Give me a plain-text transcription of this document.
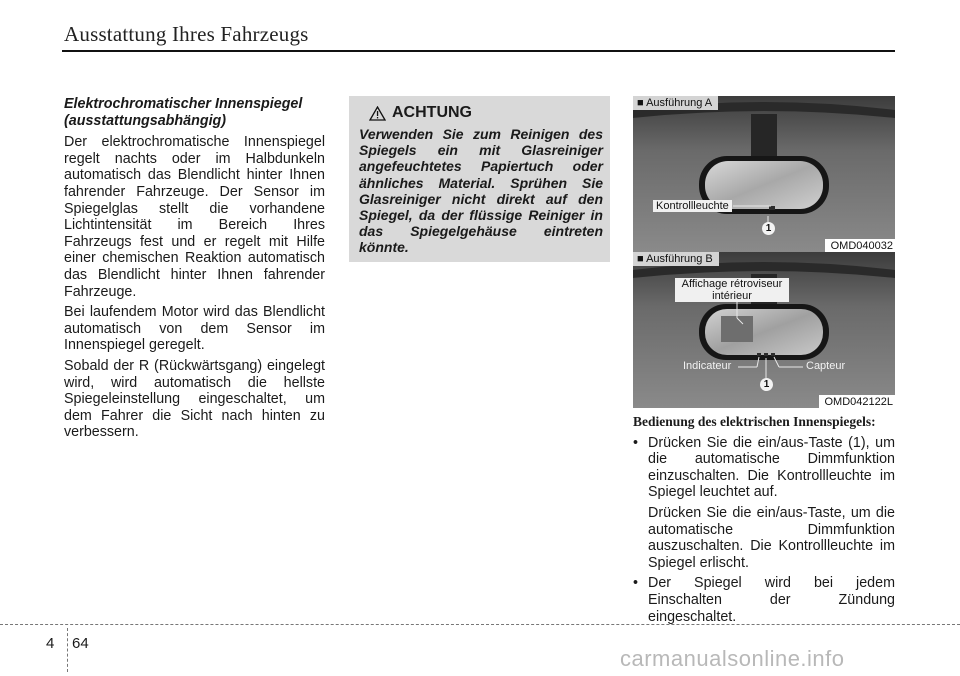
Ausstattung Ihres Fahrzeugs
Elektrochromatischer Innenspiegel (ausstattungsabhängig)

Der elektrochromatische Innenspiegel regelt nachts oder im Halbdunkeln automatisch das Blendlicht hinter Ihnen fahrender Fahrzeuge. Der Sensor im Spiegelglas stellt die vorhandene Lichtintensität im Bereich Ihres Fahrzeugs fest und er regelt mit Hilfe einer chemischen Reaktion automatisch das Blendlicht hinter Ihnen fahrender Fahrzeuge.

Bei laufendem Motor wird das Blendlicht automatisch von dem Sensor im Innenspiegel geregelt.

Sobald der R (Rückwärtsgang) eingelegt wird, wird automatisch die hellste Spiegeleinstellung eingeschaltet, um dem Fahrer die Sicht nach hinten zu verbessern.

ACHTUNG
Verwenden Sie zum Reinigen des Spiegels ein mit Glasreiniger angefeuchtetes Papiertuch oder ähnliches Material. Sprühen Sie Glasreiniger nicht direkt auf den Spiegel, da der flüssige Reiniger in das Spiegelgehäuse eintreten könnte.
■ Ausführung A
Kontrollleuchte
1
OMD040032
■ Ausführung B
Affichage rétroviseur intérieur
Indicateur	Capteur
1
OMD042122L
Bedienung des elektrischen Innenspiegels:
• Drücken Sie die ein/aus-Taste (1), um die automatische Dimmfunktion einzuschalten. Die Kontrollleuchte im Spiegel leuchtet auf.

Drücken Sie die ein/aus-Taste, um die automatische Dimmfunktion auszuschalten. Die Kontrollleuchte im Spiegel erlischt.

• Der Spiegel wird bei jedem Einschalten der Zündung eingeschaltet.

4 64
carmanualsonline.info
